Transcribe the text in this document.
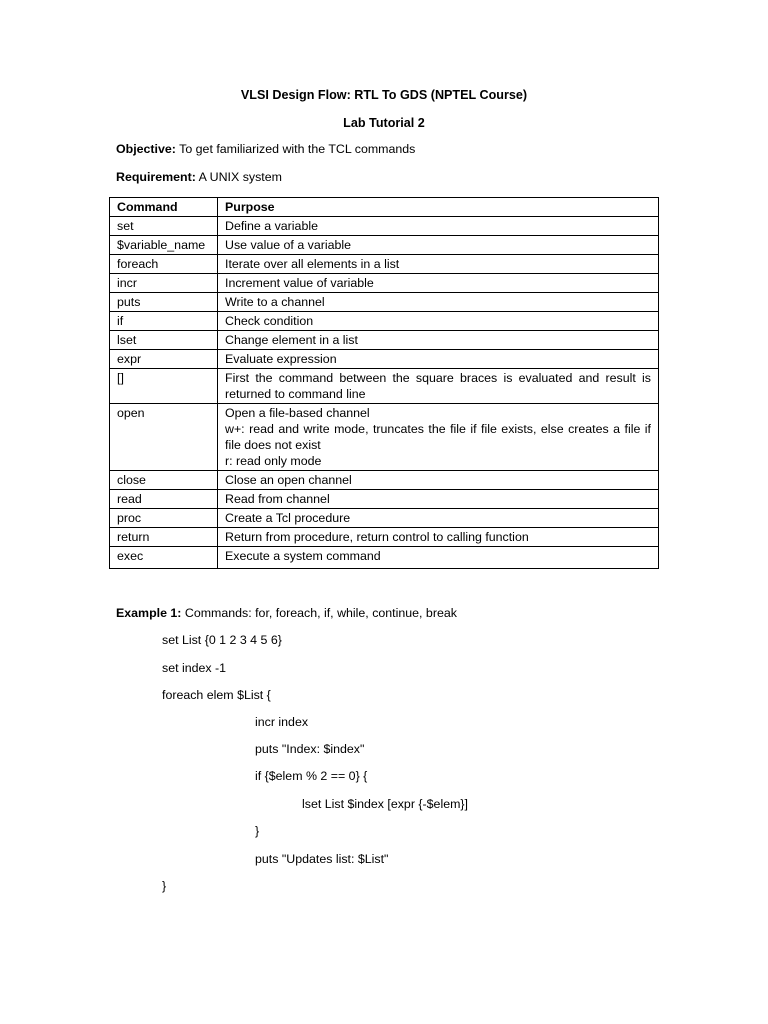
VLSI Design Flow: RTL To GDS (NPTEL Course)
Lab Tutorial 2
Objective: To get familiarized with the TCL commands
Requirement: A UNIX system
Command	Purpose
set	Define a variable
$variable_name	Use value of a variable
foreach	Iterate over all elements in a list
incr	Increment value of variable
puts	Write to a channel
if	Check condition
lset	Change element in a list
expr	Evaluate expression
[]	First the command between the square braces is evaluated and result is returned to command line
open	Open a file-based channel
w+: read and write mode, truncates the file if file exists, else creates a file if file does not exist
r: read only mode

close	Close an open channel
read	Read from channel
proc	Create a Tcl procedure
return	Return from procedure, return control to calling function
exec	Execute a system command
Example 1: Commands: for, foreach, if, while, continue, break
set List {0 1 2 3 4 5 6}
set index -1
foreach elem $List {
incr index
puts "Index: $index"
if {$elem % 2 == 0} {
lset List $index [expr {-$elem}]
}
puts "Updates list: $List"
}
